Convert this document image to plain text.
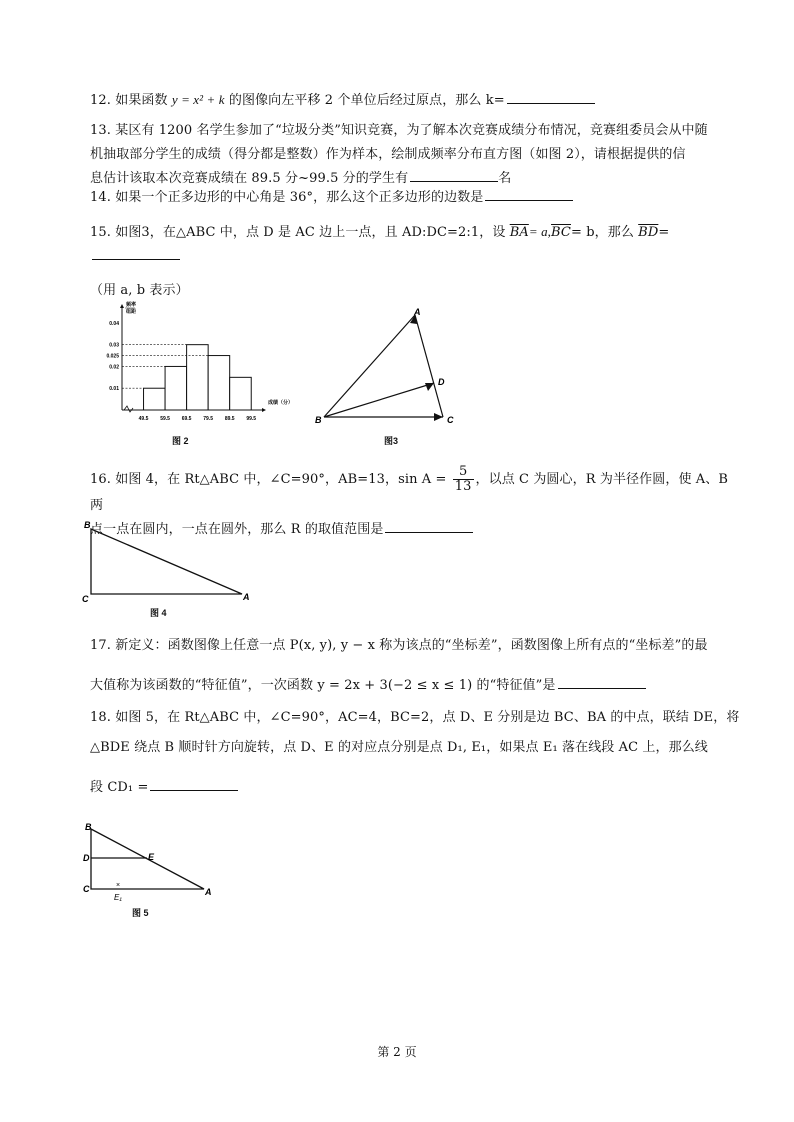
12. 如果函数 y = x² + k 的图像向左平移 2 个单位后经过原点，那么 k=
13. 某区有 1200 名学生参加了“垃圾分类”知识竞赛，为了解本次竞赛成绩分布情况，竞赛组委员会从中随
机抽取部分学生的成绩（得分都是整数）作为样本，绘制成频率分布直方图（如图 2），请根据提供的信
息估计该取本次竞赛成绩在 89.5 分~99.5 分的学生有	名
14. 如果一个正多边形的中心角是 36°，那么这个正多边形的边数是
15. 如图3，在△ABC 中，点 D 是 AC 边上一点，且 AD:DC=2:1，设 $\overline{BA}= a,\overline{BC}= b$，那么 $\overline{BD}=$
（用 a, b 表示）
频率
组距
0.04
0.03
0.025
0.02
0.01
49.5 59.5 69.5 79.5 89.5 99.5
成绩（分）
图 2
A
B	C
D
图3
16. 如图 4，在 Rt△ABC 中，∠C=90°，AB=13，$\sin A = \frac{5}{13}$ ，以点 C 为圆心，R 为半径作圆，使 A、B 两
点一点在圆内，一点在圆外，那么 R 的取值范围是
B
C	A
图 4
17. 新定义：函数图像上任意一点 P(x, y), y − x 称为该点的“坐标差”，函数图像上所有点的“坐标差”的最
大值称为该函数的“特征值”，一次函数 y = 2x + 3(−2 ≤ x ≤ 1) 的“特征值”是
18. 如图 5，在 Rt△ABC 中，∠C=90°，AC=4，BC=2，点 D、E 分别是边 BC、BA 的中点，联结 DE，将
△BDE 绕点 B 顺时针方向旋转，点 D、E 的对应点分别是点 D₁, E₁，如果点 E₁ 落在线段 AC 上，那么线
段 CD₁ =
B
D	E
C	A
E₁
×
图 5
第 2 页
